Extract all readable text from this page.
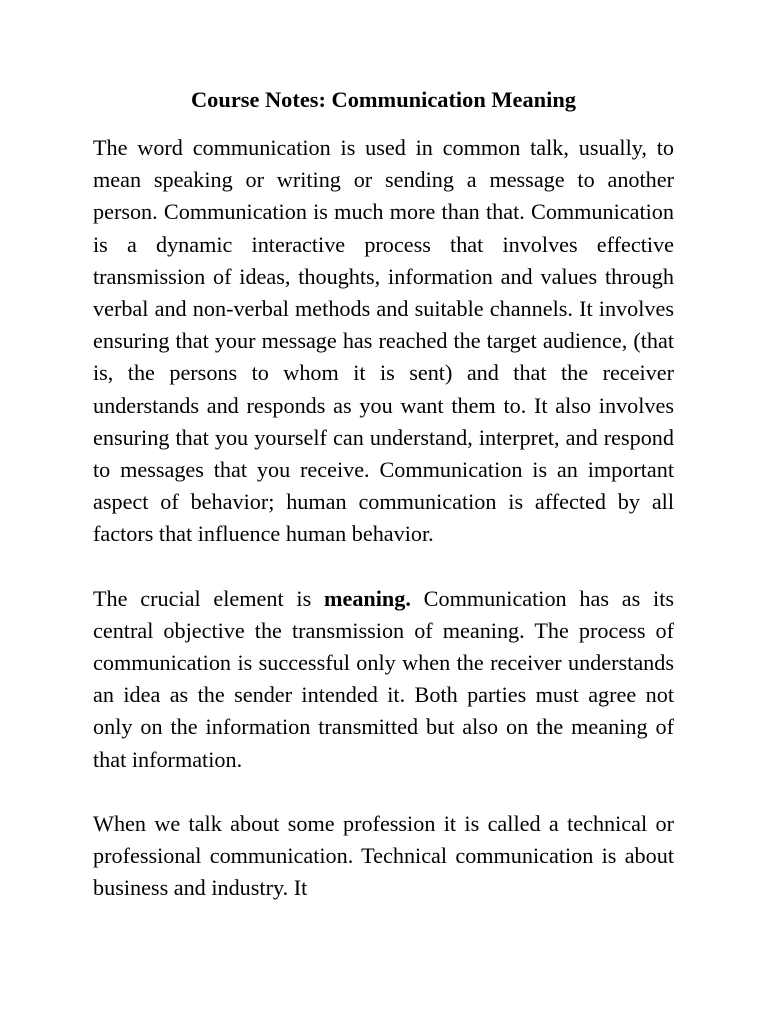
Course Notes: Communication Meaning

The word communication is used in common talk, usually, to mean speaking or writing or sending a message to another person. Communication is much more than that. Communication is a dynamic interactive process that involves effective transmission of ideas, thoughts, information and values through verbal and non-verbal methods and suitable channels. It involves ensuring that your message has reached the target audience, (that is, the persons to whom it is sent) and that the receiver understands and responds as you want them to. It also involves ensuring that you yourself can understand, interpret, and respond to messages that you receive. Communication is an important aspect of behavior; human communication is affected by all factors that influence human behavior.

The crucial element is meaning. Communication has as its central objective the transmission of meaning. The process of communication is successful only when the receiver understands an idea as the sender intended it. Both parties must agree not only on the information transmitted but also on the meaning of that information.

When we talk about some profession it is called a technical or professional communication. Technical communication is about business and industry. It
